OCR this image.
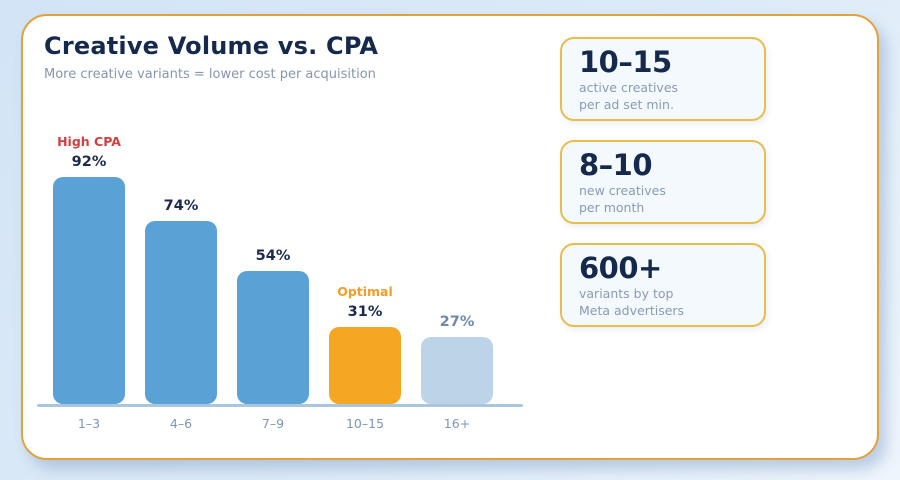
Creative Volume vs. CPA

More creative variants = lower cost per acquisition

High CPA
92%
74%
54%
Optimal
31%
27%
1–3	4–6	7–9	10–15	16+
10–15
active creatives
per ad set min.
8–10
new creatives
per month
600+
variants by top
Meta advertisers
